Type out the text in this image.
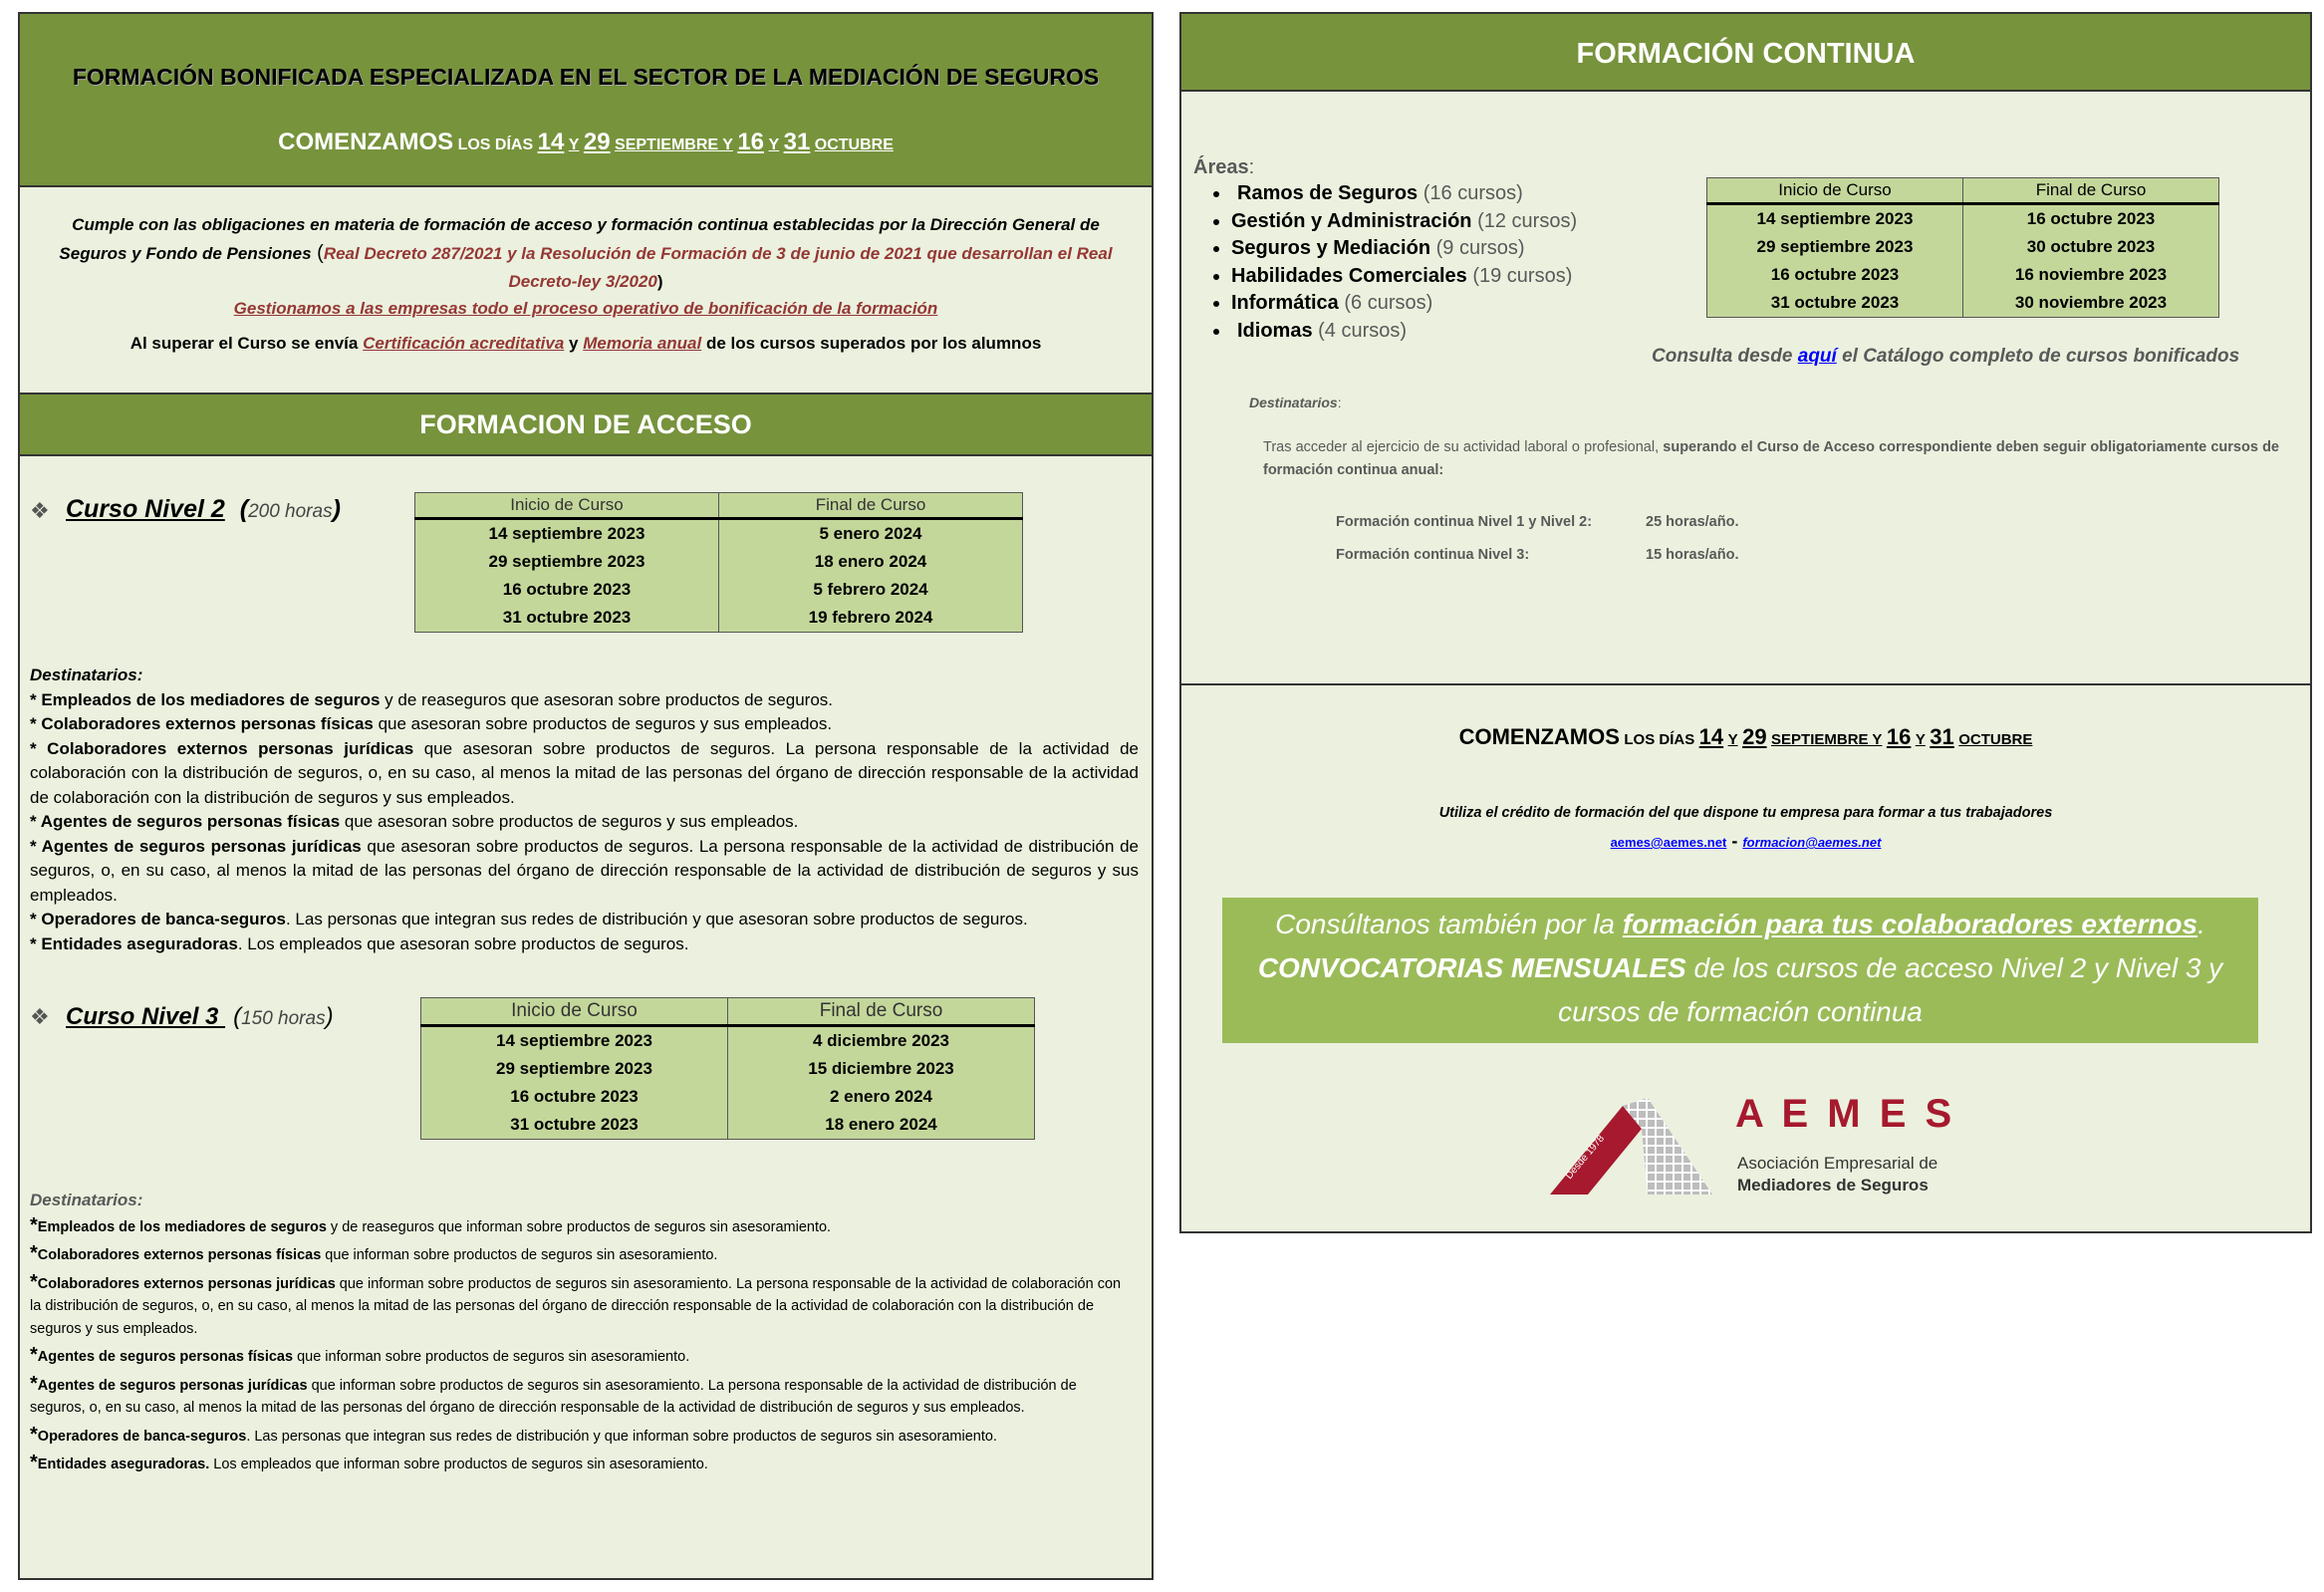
FORMACIÓN BONIFICADA ESPECIALIZADA EN EL SECTOR DE LA MEDIACIÓN DE SEGUROS
COMENZAMOS LOS DÍAS 14 Y 29 SEPTIEMBRE Y 16 Y 31 OCTUBRE
Cumple con las obligaciones en materia de formación de acceso y formación continua establecidas por la Dirección General de Seguros y Fondo de Pensiones (Real Decreto 287/2021 y la Resolución de Formación de 3 de junio de 2021 que desarrollan el Real Decreto-ley 3/2020)
Gestionamos a las empresas todo el proceso operativo de bonificación de la formación
Al superar el Curso se envía Certificación acreditativa y Memoria anual de los cursos superados por los alumnos
FORMACION DE ACCESO
❖ Curso Nivel 2 (200 horas)	Inicio de Curso	Final de Curso
14 septiembre 2023	5 enero 2024
29 septiembre 2023	18 enero 2024
16 octubre 2023	5 febrero 2024
31 octubre 2023	19 febrero 2024

Destinatarios:

* Empleados de los mediadores de seguros y de reaseguros que asesoran sobre productos de seguros.

* Colaboradores externos personas físicas que asesoran sobre productos de seguros y sus empleados.

* Colaboradores externos personas jurídicas que asesoran sobre productos de seguros. La persona responsable de la actividad de colaboración con la distribución de seguros, o, en su caso, al menos la mitad de las personas del órgano de dirección responsable de la actividad de colaboración con la distribución de seguros y sus empleados.

* Agentes de seguros personas físicas que asesoran sobre productos de seguros y sus empleados.

* Agentes de seguros personas jurídicas que asesoran sobre productos de seguros. La persona responsable de la actividad de distribución de seguros, o, en su caso, al menos la mitad de las personas del órgano de dirección responsable de la actividad de distribución de seguros y sus empleados.

* Operadores de banca-seguros. Las personas que integran sus redes de distribución y que asesoran sobre productos de seguros.

* Entidades aseguradoras. Los empleados que asesoran sobre productos de seguros.

❖ Curso Nivel 3 (150 horas)	Inicio de Curso	Final de Curso
14 septiembre 2023	4 diciembre 2023
29 septiembre 2023	15 diciembre 2023
16 octubre 2023	2 enero 2024
31 octubre 2023	18 enero 2024

Destinatarios:

*Empleados de los mediadores de seguros y de reaseguros que informan sobre productos de seguros sin asesoramiento.

*Colaboradores externos personas físicas que informan sobre productos de seguros sin asesoramiento.

*Colaboradores externos personas jurídicas que informan sobre productos de seguros sin asesoramiento. La persona responsable de la actividad de colaboración con la distribución de seguros, o, en su caso, al menos la mitad de las personas del órgano de dirección responsable de la actividad de colaboración con la distribución de seguros y sus empleados.

*Agentes de seguros personas físicas que informan sobre productos de seguros sin asesoramiento.

*Agentes de seguros personas jurídicas que informan sobre productos de seguros sin asesoramiento. La persona responsable de la actividad de distribución de seguros, o, en su caso, al menos la mitad de las personas del órgano de dirección responsable de la actividad de distribución de seguros y sus empleados.

*Operadores de banca-seguros. Las personas que integran sus redes de distribución y que informan sobre productos de seguros sin asesoramiento.

*Entidades aseguradoras. Los empleados que informan sobre productos de seguros sin asesoramiento.

FORMACIÓN CONTINUA
Áreas:
• Ramos de Seguros (16 cursos)
• Gestión y Administración (12 cursos)
• Seguros y Mediación (9 cursos)
• Habilidades Comerciales (19 cursos)
• Informática (6 cursos)
• Idiomas (4 cursos)
Inicio de Curso	Final de Curso
14 septiembre 2023	16 octubre 2023
29 septiembre 2023	30 octubre 2023
16 octubre 2023	16 noviembre 2023
31 octubre 2023	30 noviembre 2023
Consulta desde aquí el Catálogo completo de cursos bonificados
Destinatarios:
Tras acceder al ejercicio de su actividad laboral o profesional, superando el Curso de Acceso correspondiente deben seguir obligatoriamente cursos de formación continua anual:
Formación continua Nivel 1 y Nivel 2:	25 horas/año.
Formación continua Nivel 3:	15 horas/año.
COMENZAMOS LOS DÍAS 14 Y 29 SEPTIEMBRE Y 16 Y 31 OCTUBRE
Utiliza el crédito de formación del que dispone tu empresa para formar a tus trabajadores
aemes@aemes.net - formacion@aemes.net
Consúltanos también por la formación para tus colaboradores externos.
CONVOCATORIAS MENSUALES de los cursos de acceso Nivel 2 y Nivel 3 y cursos de formación continua
Desde 1978
A E M E S
Asociación Empresarial de
Mediadores de Seguros
